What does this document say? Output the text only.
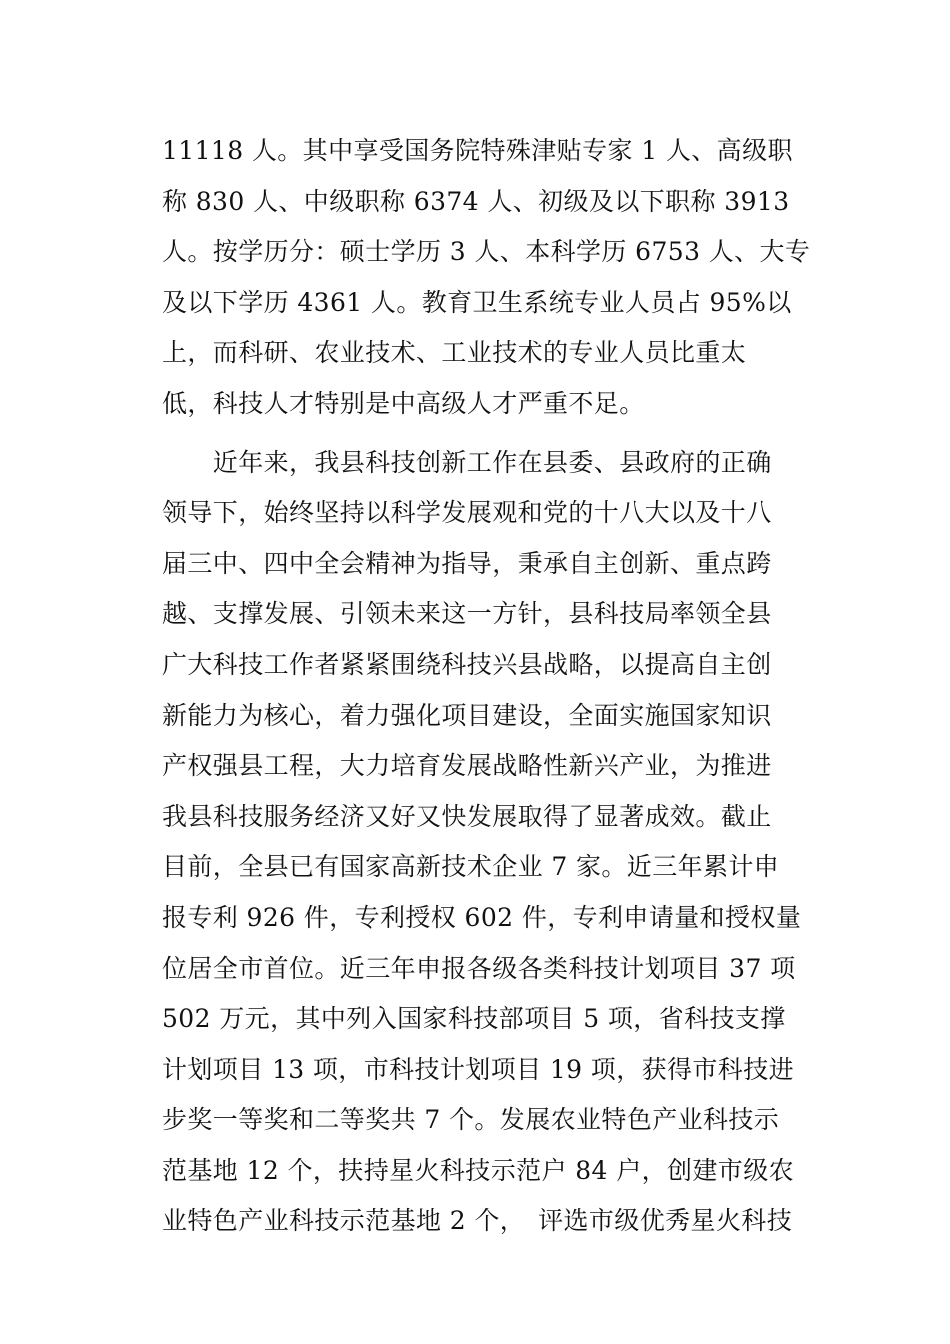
11118 人。其中享受国务院特殊津贴专家 1 人、高级职
称 830 人、中级职称 6374 人、初级及以下职称 3913
人。按学历分：硕士学历 3 人、本科学历 6753 人、大专
及以下学历 4361 人。教育卫生系统专业人员占 95%以
上，而科研、农业技术、工业技术的专业人员比重太
低，科技人才特别是中高级人才严重不足。
　　近年来，我县科技创新工作在县委、县政府的正确
领导下，始终坚持以科学发展观和党的十八大以及十八
届三中、四中全会精神为指导，秉承自主创新、重点跨
越、支撑发展、引领未来这一方针，县科技局率领全县
广大科技工作者紧紧围绕科技兴县战略，以提高自主创
新能力为核心，着力强化项目建设，全面实施国家知识
产权强县工程，大力培育发展战略性新兴产业，为推进
我县科技服务经济又好又快发展取得了显著成效。截止
目前，全县已有国家高新技术企业 7 家。近三年累计申
报专利 926 件，专利授权 602 件，专利申请量和授权量
位居全市首位。近三年申报各级各类科技计划项目 37 项
502 万元，其中列入国家科技部项目 5 项，省科技支撑
计划项目 13 项，市科技计划项目 19 项，获得市科技进
步奖一等奖和二等奖共 7 个。发展农业特色产业科技示
范基地 12 个，扶持星火科技示范户 84 户，创建市级农
业特色产业科技示范基地 2 个，　评选市级优秀星火科技
